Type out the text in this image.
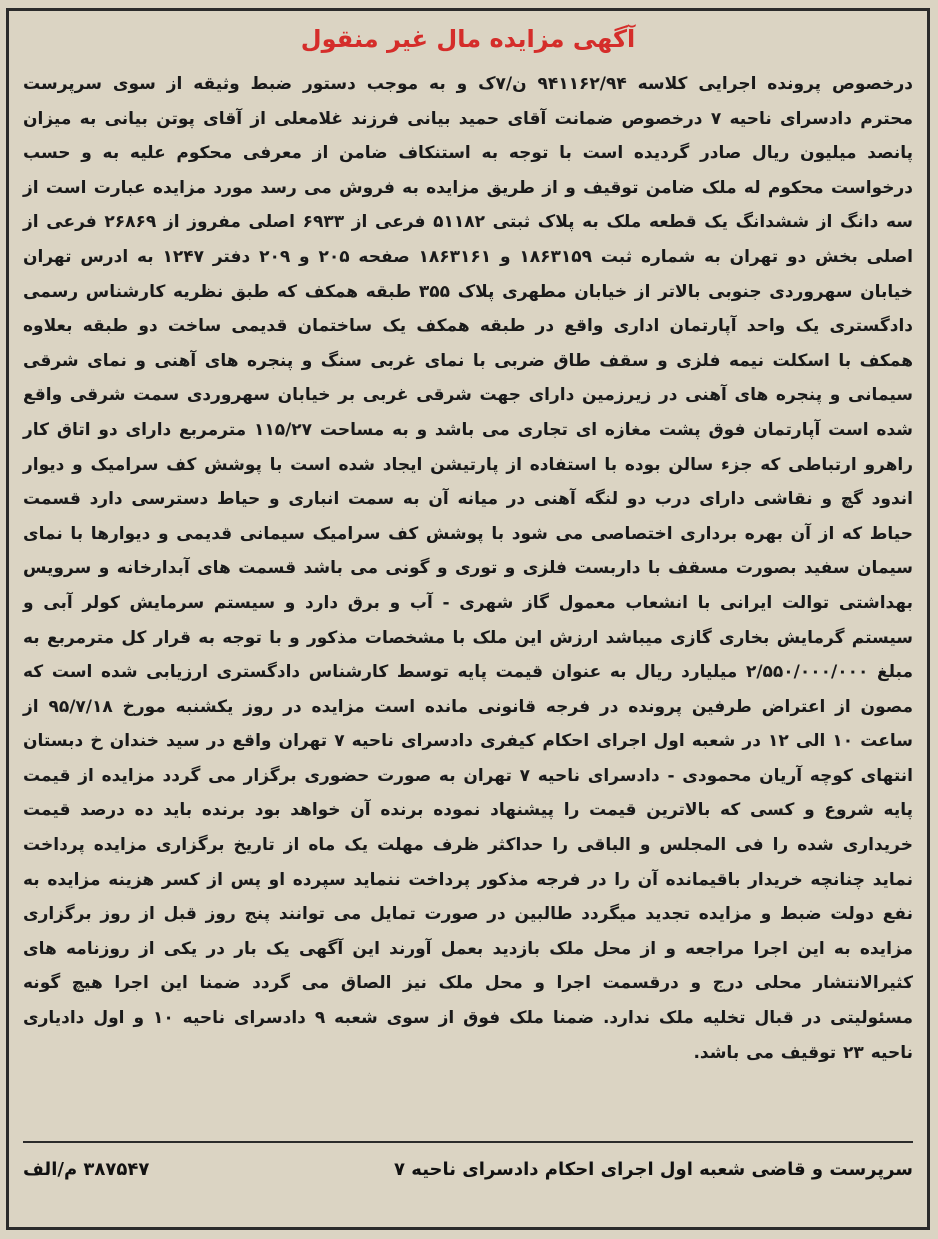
آگهی مزایده مال غیر منقول

درخصوص پرونده اجرایی کلاسه ۹۴۱۱۶۲/۹۴ ن/۷ک و به موجب دستور ضبط وثیقه از سوی سرپرست محترم دادسرای ناحیه ۷ درخصوص ضمانت آقای حمید بیانی فرزند غلامعلی از آقای پوتن بیانی به میزان پانصد میلیون ریال صادر گردیده است با توجه به استنکاف ضامن از معرفی محکوم علیه به و حسب درخواست محکوم له ملک ضامن توقیف و از طریق مزایده به فروش می رسد مورد مزایده عبارت است از سه دانگ از ششدانگ یک قطعه ملک به پلاک ثبتی ۵۱۱۸۲ فرعی از ۶۹۳۳ اصلی مفروز از ۲۶۸۶۹ فرعی از اصلی بخش دو تهران به شماره ثبت ۱۸۶۳۱۵۹ و ۱۸۶۳۱۶۱ صفحه ۲۰۵ و ۲۰۹ دفتر ۱۲۴۷ به ادرس تهران خیابان سهروردی جنوبی بالاتر از خیابان مطهری پلاک ۳۵۵ طبقه همکف که طبق نظریه کارشناس رسمی دادگستری یک واحد آپارتمان اداری واقع در طبقه همکف یک ساختمان قدیمی ساخت دو طبقه بعلاوه همکف با اسکلت نیمه فلزی و سقف طاق ضربی با نمای غربی سنگ و پنجره های آهنی و نمای شرقی سیمانی و پنجره های آهنی در زیرزمین دارای جهت شرقی غربی بر خیابان سهروردی سمت شرقی واقع شده است آپارتمان فوق پشت مغازه ای تجاری می باشد و به مساحت ۱۱۵/۲۷ مترمربع دارای دو اتاق کار راهرو ارتباطی که جزء سالن بوده با استفاده از پارتیشن ایجاد شده است با پوشش کف سرامیک و دیوار اندود گچ و نقاشی دارای درب دو لنگه آهنی در میانه آن به سمت انباری و حیاط دسترسی دارد قسمت حیاط که از آن بهره برداری اختصاصی می شود با پوشش کف سرامیک سیمانی قدیمی و دیوارها با نمای سیمان سفید بصورت مسقف با داربست فلزی و توری و گونی می باشد قسمت های آبدارخانه و سرویس بهداشتی توالت ایرانی با انشعاب معمول گاز شهری - آب و برق دارد و سیستم سرمایش کولر آبی و سیستم گرمایش بخاری گازی میباشد ارزش این ملک با مشخصات مذکور و با توجه به قرار کل مترمربع به مبلغ ۲/۵۵۰/۰۰۰/۰۰۰ میلیارد ریال به عنوان قیمت پایه توسط کارشناس دادگستری ارزیابی شده است که مصون از اعتراض طرفین پرونده در فرجه قانونی مانده است مزایده در روز یکشنبه مورخ ۹۵/۷/۱۸ از ساعت ۱۰ الی ۱۲ در شعبه اول اجرای احکام کیفری دادسرای ناحیه ۷ تهران واقع در سید خندان خ دبستان انتهای کوچه آریان محمودی - دادسرای ناحیه ۷ تهران به صورت حضوری برگزار می گردد مزایده از قیمت پایه شروع و کسی که بالاترین قیمت را پیشنهاد نموده برنده آن خواهد بود برنده باید ده درصد قیمت خریداری شده را فی المجلس و الباقی را حداکثر ظرف مهلت یک ماه از تاریخ برگزاری مزایده پرداخت نماید چنانچه خریدار باقیمانده آن را در فرجه مذکور پرداخت ننماید سپرده او پس از کسر هزینه مزایده به نفع دولت ضبط و مزایده تجدید میگردد طالبین در صورت تمایل می توانند پنج روز قبل از روز برگزاری مزایده به این اجرا مراجعه و از محل ملک بازدید بعمل آورند این آگهی یک بار در یکی از روزنامه های کثیرالانتشار محلی درج و درقسمت اجرا و محل ملک نیز الصاق می گردد ضمنا این اجرا هیچ گونه مسئولیتی در قبال تخلیه ملک ندارد. ضمنا ملک فوق از سوی شعبه ۹ دادسرای ناحیه ۱۰ و اول دادیاری ناحیه ۲۳ توقیف می باشد.

سرپرست و قاضی شعبه اول اجرای احکام دادسرای ناحیه ۷
۳۸۷۵۴۷ م/الف
